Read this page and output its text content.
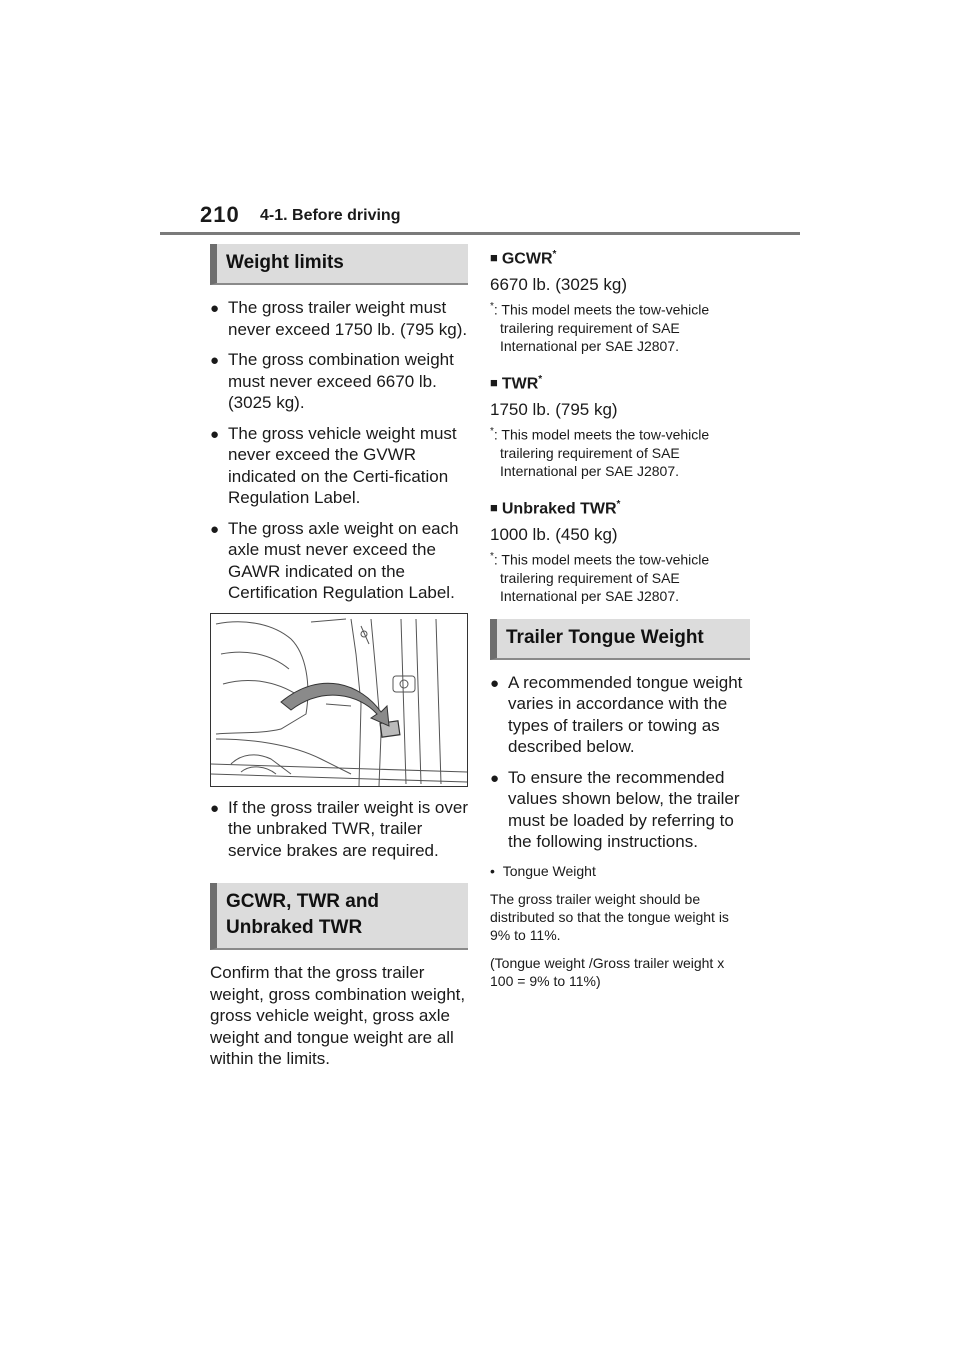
210 4-1. Before driving
Weight limits
● The gross trailer weight must never exceed 1750 lb. (795 kg).
● The gross combination weight must never exceed 6670 lb. (3025 kg).
● The gross vehicle weight must never exceed the GVWR indicated on the Certi-fication Regulation Label.
● The gross axle weight on each axle must never exceed the GAWR indicated on the Certification Regulation Label.
● If the gross trailer weight is over the unbraked TWR, trailer service brakes are required.
GCWR, TWR and Unbraked TWR

Confirm that the gross trailer weight, gross combination weight, gross vehicle weight, gross axle weight and tongue weight are all within the limits.

■ GCWR*

6670 lb. (3025 kg)

*: This model meets the tow-vehicle trailering requirement of SAE International per SAE J2807.

■ TWR*

1750 lb. (795 kg)

*: This model meets the tow-vehicle trailering requirement of SAE International per SAE J2807.

■ Unbraked TWR*

1000 lb. (450 kg)

*: This model meets the tow-vehicle trailering requirement of SAE International per SAE J2807.

Trailer Tongue Weight
● A recommended tongue weight varies in accordance with the types of trailers or towing as described below.
● To ensure the recommended values shown below, the trailer must be loaded by referring to the following instructions.

• Tongue Weight

The gross trailer weight should be distributed so that the tongue weight is 9% to 11%.

(Tongue weight /Gross trailer weight x 100 = 9% to 11%)
